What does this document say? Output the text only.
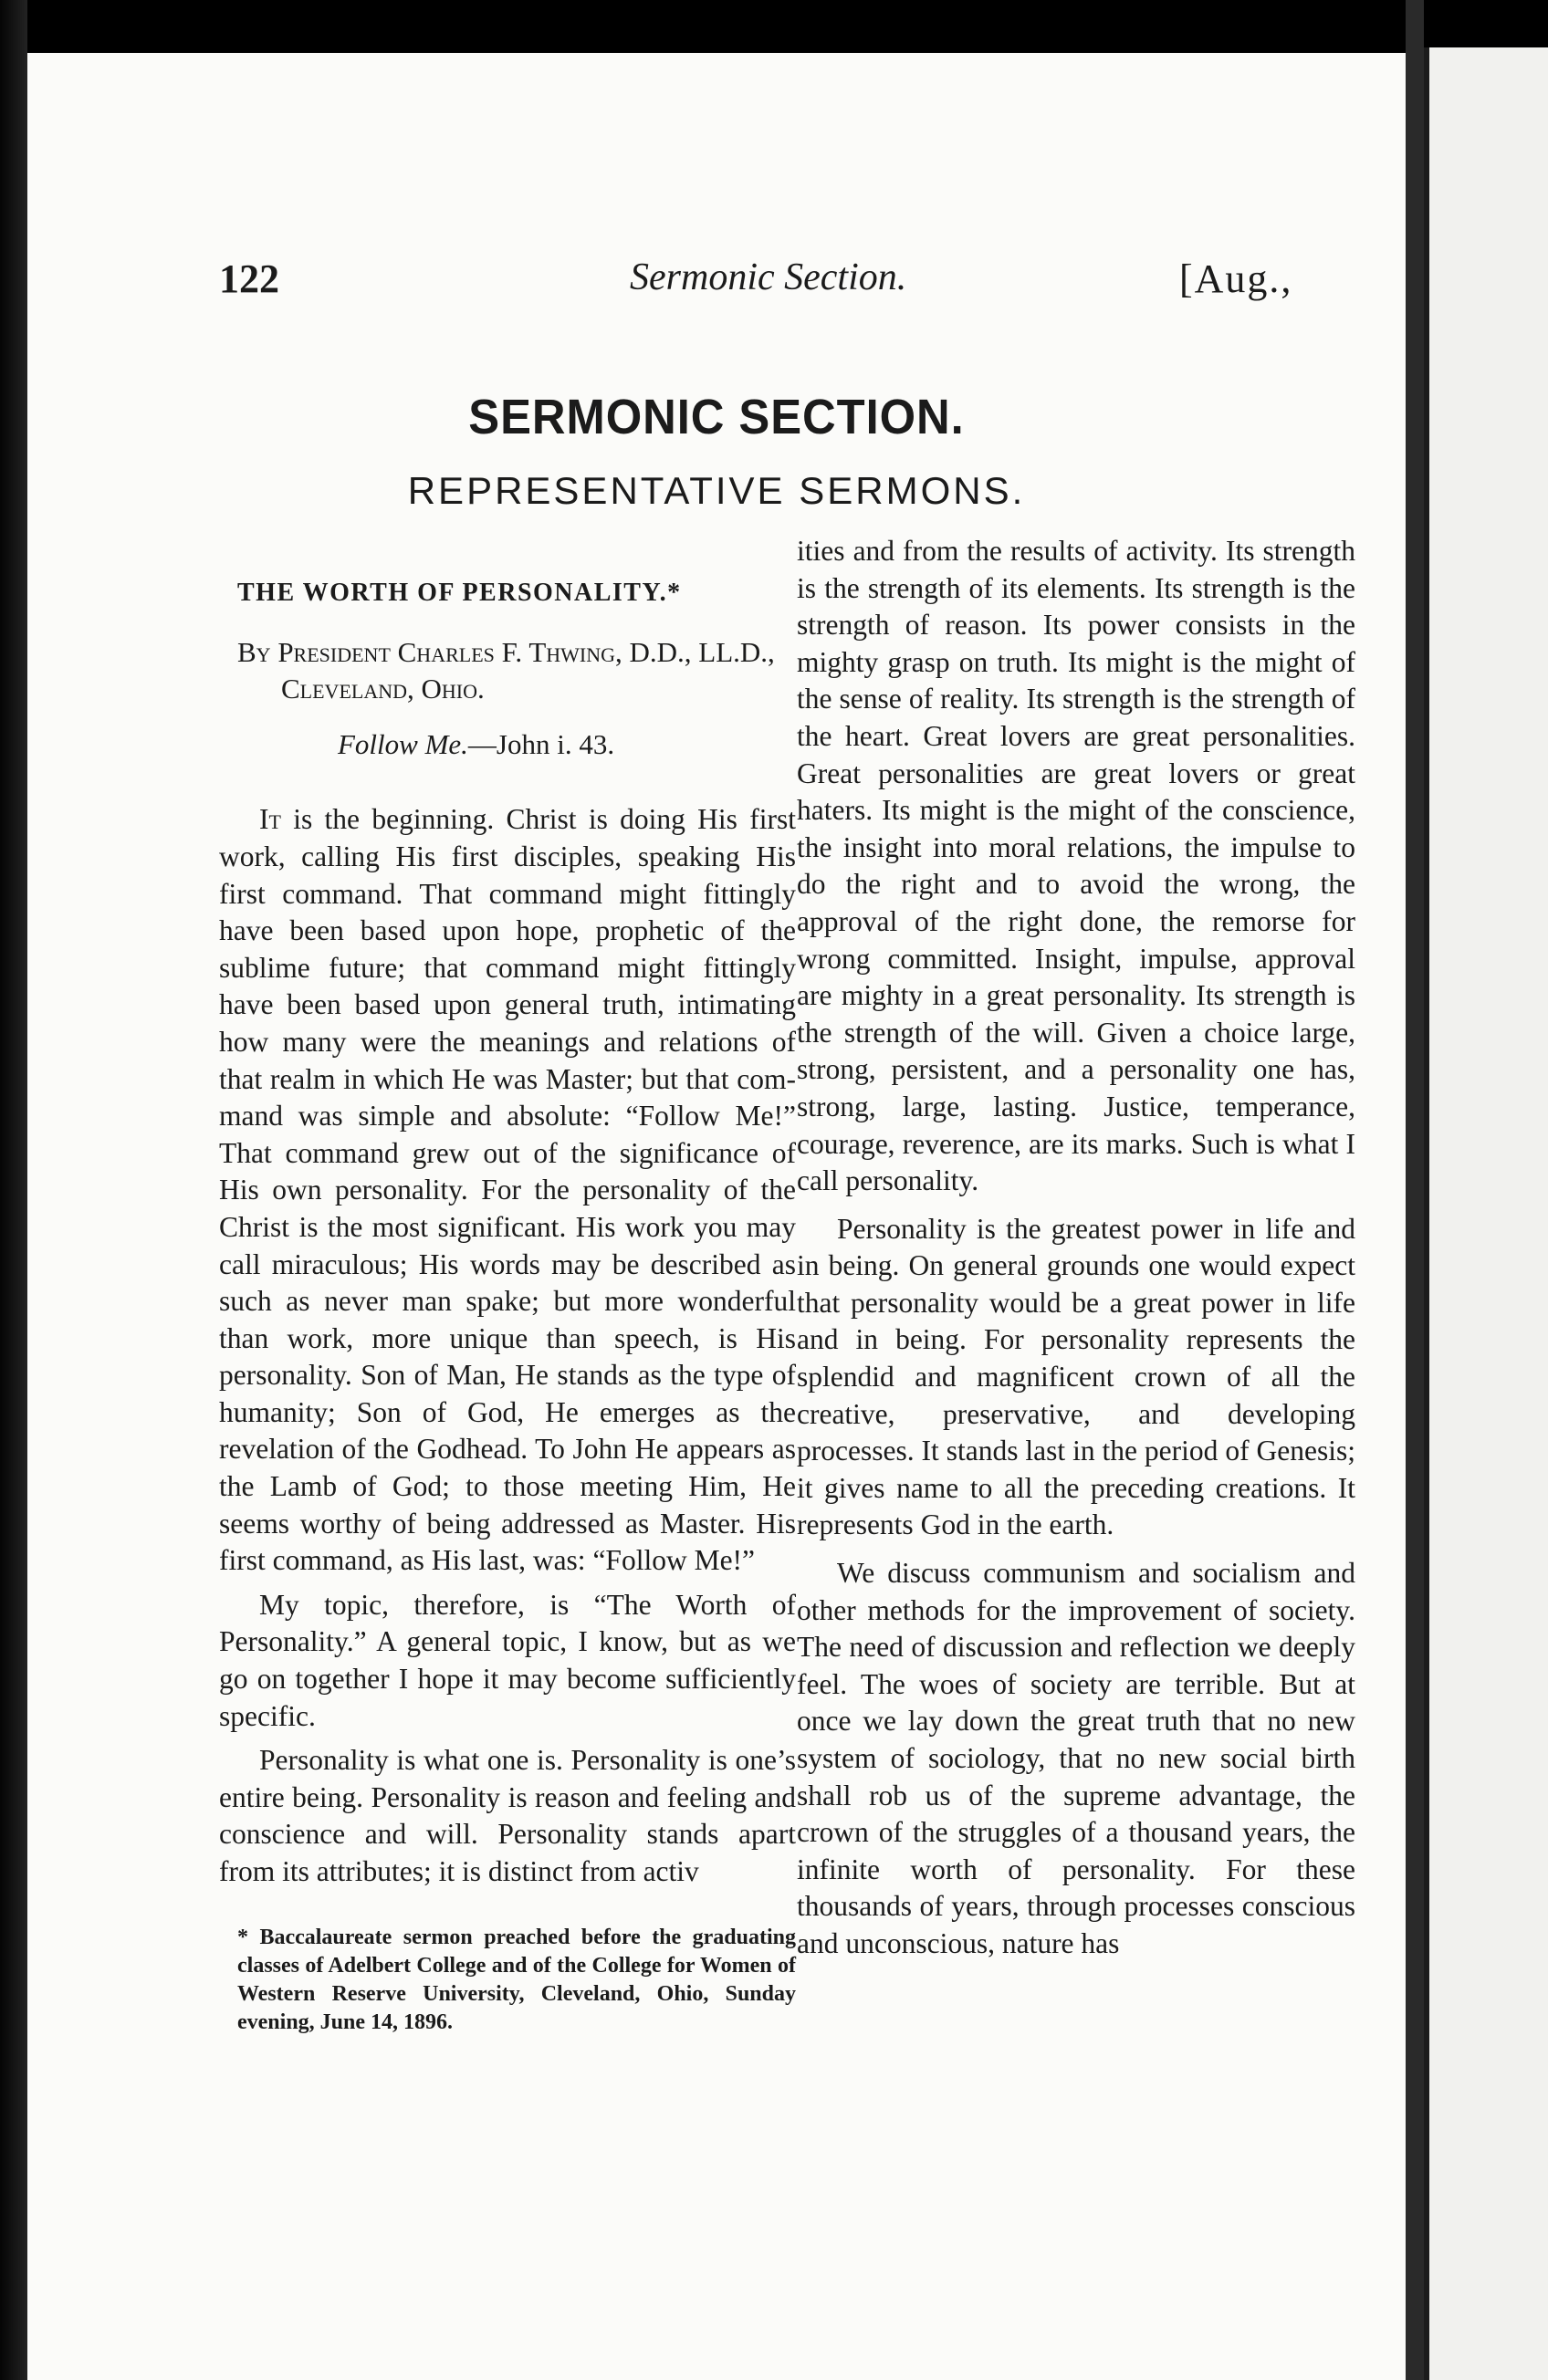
122	Sermonic Section.	[Aug.,
SERMONIC SECTION.
REPRESENTATIVE SERMONS.
THE WORTH OF PERSONALITY.*
By President Charles F. Thwing, D.D., LL.D., Cleveland, Ohio.
Follow Me.—John i. 43.

It is the beginning. Christ is doing His first work, calling His first disciples, speaking His first command. That command might fittingly have been based upon hope, prophetic of the sublime future; that command might fittingly have been based upon general truth, intimating how many were the meanings and relations of that realm in which He was Master; but that command was simple and absolute: “Follow Me!” That command grew out of the significance of His own personality. For the personality of the Christ is the most significant. His work you may call miraculous; His words may be described as such as never man spake; but more wonderful than work, more unique than speech, is His personality. Son of Man, He stands as the type of humanity; Son of God, He emerges as the revelation of the Godhead. To John He appears as the Lamb of God; to those meeting Him, He seems worthy of being addressed as Master. His first command, as His last, was: “Follow Me!”

My topic, therefore, is “The Worth of Personality.” A general topic, I know, but as we go on together I hope it may become sufficiently specific.

Personality is what one is. Personality is one’s entire being. Personality is reason and feeling and conscience and will. Personality stands apart from its attributes; it is distinct from activ

* Baccalaureate sermon preached before the graduating classes of Adelbert College and of the College for Women of Western Reserve University, Cleveland, Ohio, Sunday evening, June 14, 1896.

ities and from the results of activity. Its strength is the strength of its elements. Its strength is the strength of reason. Its power consists in the mighty grasp on truth. Its might is the might of the sense of reality. Its strength is the strength of the heart. Great lovers are great personalities. Great personalities are great lovers or great haters. Its might is the might of the conscience, the insight into moral relations, the impulse to do the right and to avoid the wrong, the approval of the right done, the remorse for wrong committed. Insight, impulse, approval are mighty in a great personality. Its strength is the strength of the will. Given a choice large, strong, persistent, and a personality one has, strong, large, lasting. Justice, temperance, courage, reverence, are its marks. Such is what I call personality.

Personality is the greatest power in life and in being. On general grounds one would expect that personality would be a great power in life and in being. For personality represents the splendid and magnificent crown of all the creative, preservative, and developing processes. It stands last in the period of Genesis; it gives name to all the preceding creations. It represents God in the earth.

We discuss communism and socialism and other methods for the improvement of society. The need of discussion and reflection we deeply feel. The woes of society are terrible. But at once we lay down the great truth that no new system of sociology, that no new social birth shall rob us of the supreme advantage, the crown of the struggles of a thousand years, the infinite worth of personality. For these thousands of years, through processes conscious and unconscious, nature has
